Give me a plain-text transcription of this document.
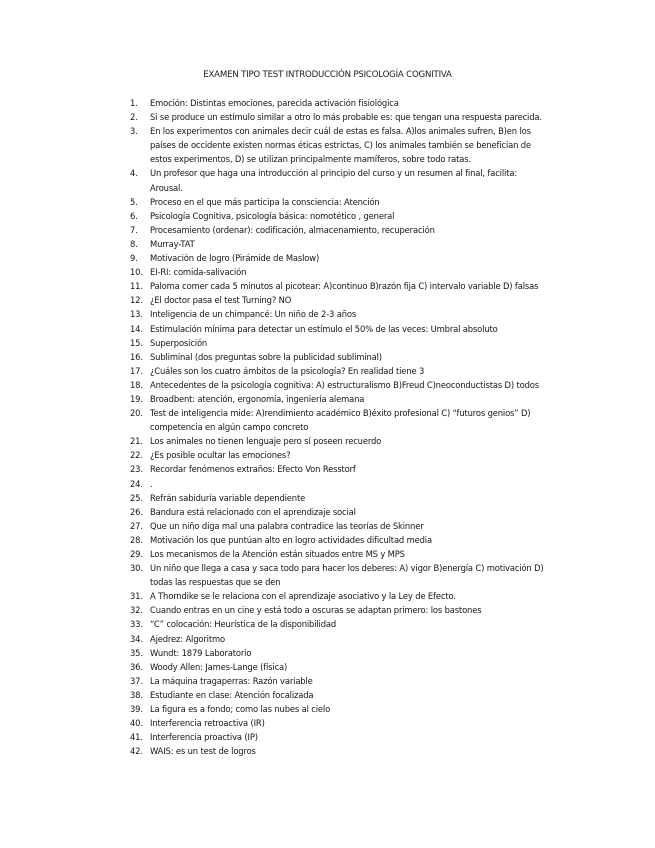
EXAMEN TIPO TEST INTRODUCCIÓN PSICOLOGÍA COGNITIVA
1.	Emoción: Distintas emociones, parecida activación fisiológica
2.	Si se produce un estímulo similar a otro lo más probable es: que tengan una respuesta parecida.
3.	En los experimentos con animales decir cuál de estas es falsa. A)los animales sufren, B)en los países de occidente existen normas éticas estrictas, C) los animales también se benefician de estos experimentos, D) se utilizan principalmente mamíferos, sobre todo ratas.
4.	Un profesor que haga una introducción al principio del curso y un resumen al final, facilita: Arousal.
5.	Proceso en el que más participa la consciencia: Atención
6.	Psicología Cognitiva, psicología básica: nomotético , general
7.	Procesamiento (ordenar): codificación, almacenamiento, recuperación
8.	Murray-TAT
9.	Motivación de logro (Pirámide de Maslow)
10. EI-RI: comida-salivación
11. Paloma comer cada 5 minutos al picotear: A)continuo B)razón fija C) intervalo variable D) falsas
12. ¿El doctor pasa el test Turning? NO
13. Inteligencia de un chimpancé: Un niño de 2-3 años
14. Estimulación mínima para detectar un estímulo el 50% de las veces: Umbral absoluto
15. Superposición
16. Subliminal (dos preguntas sobre la publicidad subliminal)
17. ¿Cuáles son los cuatro ámbitos de la psicología? En realidad tiene 3
18. Antecedentes de la psicología cognitiva: A) estructuralismo B)Freud C)neoconductistas D) todos
19. Broadbent: atención, ergonomía, ingeniería alemana
20. Test de inteligencia mide: A)rendimiento académico B)éxito profesional C) “futuros genios” D) competencia en algún campo concreto
21. Los animales no tienen lenguaje pero sí poseen recuerdo
22. ¿Es posible ocultar las emociones?
23. Recordar fenómenos extraños: Efecto Von Resstorf
24. .
25. Refrán sabiduría variable dependiente
26. Bandura está relacionado con el aprendizaje social
27. Que un niño diga mal una palabra contradice las teorías de Skinner
28. Motivación los que puntúan alto en logro actividades dificultad media
29. Los mecanismos de la Atención están situados entre MS y MPS
30. Un niño que llega a casa y saca todo para hacer los deberes: A) vigor B)energía C) motivación D) todas las respuestas que se den
31. A Thorndike se le relaciona con el aprendizaje asociativo y la Ley de Efecto.
32. Cuando entras en un cine y está todo a oscuras se adaptan primero: los bastones
33. “C” colocación: Heurística de la disponibilidad
34. Ajedrez: Algoritmo
35. Wundt: 1879 Laboratorio
36. Woody Allen: James-Lange (física)
37. La máquina tragaperras: Razón variable
38. Estudiante en clase: Atención focalizada
39. La figura es a fondo; como las nubes al cielo
40. Interferencia retroactiva (IR)
41. Interferencia proactiva (IP)
42. WAIS: es un test de logros
